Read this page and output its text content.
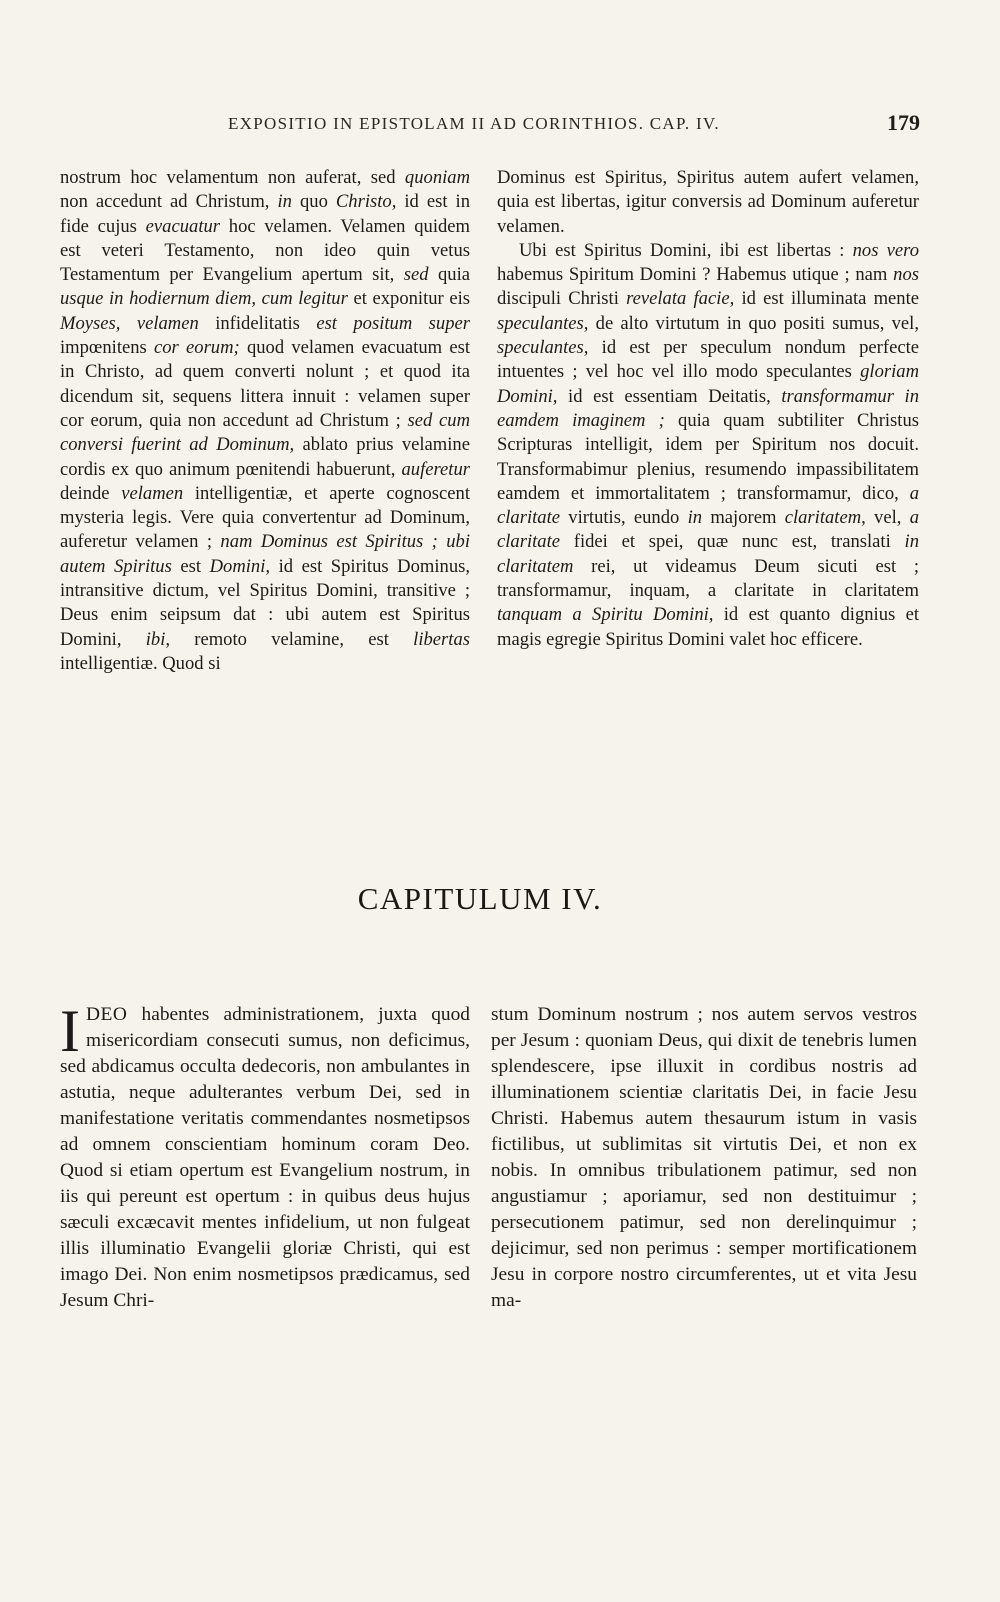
EXPOSITIO IN EPISTOLAM II AD CORINTHIOS. CAP. IV.	179

nostrum hoc velamentum non auferat, sed quoniam non accedunt ad Christum, in quo Christo, id est in fide cujus evacuatur hoc velamen. Velamen quidem est veteri Testamento, non ideo quin vetus Testamentum per Evangelium apertum sit, sed quia usque in hodiernum diem, cum legitur et exponitur eis Moyses, velamen infidelitatis est positum super impœnitens cor eorum; quod velamen evacuatum est in Christo, ad quem converti nolunt ; et quod ita dicendum sit, sequens littera innuit : velamen super cor eorum, quia non accedunt ad Christum ; sed cum conversi fuerint ad Dominum, ablato prius velamine cordis ex quo animum pœnitendi habuerunt, auferetur deinde velamen intelligentiæ, et aperte cognoscent mysteria legis. Vere quia convertentur ad Dominum, auferetur velamen ; nam Dominus est Spiritus ; ubi autem Spiritus est Domini, id est Spiritus Dominus, intransitive dictum, vel Spiritus Domini, transitive ; Deus enim seipsum dat : ubi autem est Spiritus Domini, ibi, remoto velamine, est libertas intelligentiæ. Quod si

Dominus est Spiritus, Spiritus autem aufert velamen, quia est libertas, igitur conversis ad Dominum auferetur velamen.

Ubi est Spiritus Domini, ibi est libertas : nos vero habemus Spiritum Domini ? Habemus utique ; nam nos discipuli Christi revelata facie, id est illuminata mente speculantes, de alto virtutum in quo positi sumus, vel, speculantes, id est per speculum nondum perfecte intuentes ; vel hoc vel illo modo speculantes gloriam Domini, id est essentiam Deitatis, transformamur in eamdem imaginem ; quia quam subtiliter Christus Scripturas intelligit, idem per Spiritum nos docuit. Transformabimur plenius, resumendo impassibilitatem eamdem et immortalitatem ; transformamur, dico, a claritate virtutis, eundo in majorem claritatem, vel, a claritate fidei et spei, quæ nunc est, translati in claritatem rei, ut videamus Deum sicuti est ; transformamur, inquam, a claritate in claritatem tanquam a Spiritu Domini, id est quanto dignius et magis egregie Spiritus Domini valet hoc efficere.

CAPITULUM IV.
IDEO habentes administrationem, juxta quod misericordiam consecuti sumus, non deficimus, sed abdicamus occulta dedecoris, non ambulantes in astutia, neque adulterantes verbum Dei, sed in manifestatione veritatis commendantes nosmetipsos ad omnem conscientiam hominum coram Deo. Quod si etiam opertum est Evangelium nostrum, in iis qui pereunt est opertum : in quibus deus hujus sæculi excæcavit mentes infidelium, ut non fulgeat illis illuminatio Evangelii gloriæ Christi, qui est imago Dei. Non enim nosmetipsos prædicamus, sed Jesum Chri-
stum Dominum nostrum ; nos autem servos vestros per Jesum : quoniam Deus, qui dixit de tenebris lumen splendescere, ipse illuxit in cordibus nostris ad illuminationem scientiæ claritatis Dei, in facie Jesu Christi. Habemus autem thesaurum istum in vasis fictilibus, ut sublimitas sit virtutis Dei, et non ex nobis. In omnibus tribulationem patimur, sed non angustiamur ; aporiamur, sed non destituimur ; persecutionem patimur, sed non derelinquimur ; dejicimur, sed non perimus : semper mortificationem Jesu in corpore nostro circumferentes, ut et vita Jesu ma-
